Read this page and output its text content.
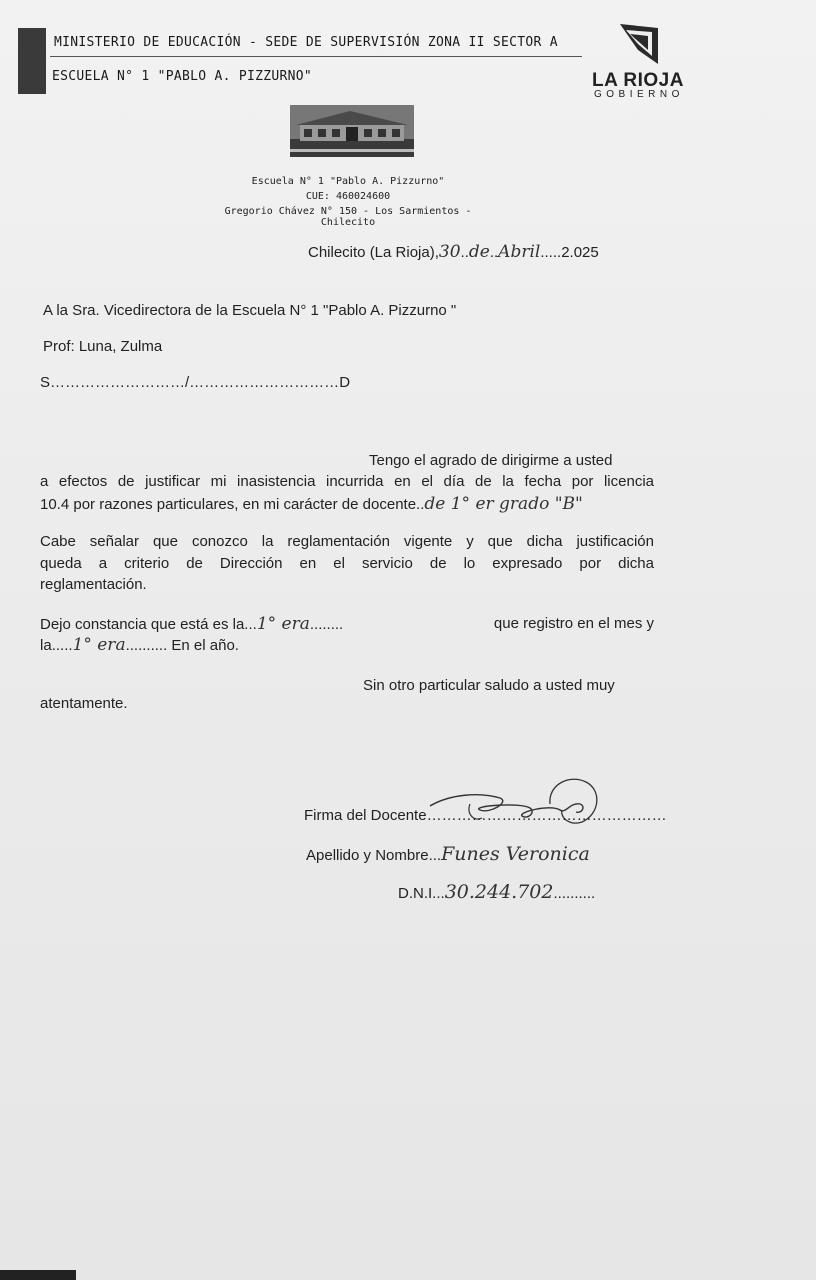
MINISTERIO DE EDUCACIÓN - SEDE DE SUPERVISIÓN ZONA II SECTOR A
ESCUELA N° 1 "PABLO A. PIZZURNO"	LA RIOJA
GOBIERNO
Escuela N° 1 "Pablo A. Pizzurno"
CUE: 460024600
Gregorio Chávez N° 150 - Los Sarmientos - Chilecito
Chilecito (La Rioja),30..de..Abril.....2.025
A la Sra. Vicedirectora de la Escuela N° 1 "Pablo A. Pizzurno "
Prof: Luna, Zulma
S………………………/…………………………D
Tengo el agrado de dirigirme a usted
a efectos de justificar mi inasistencia incurrida en el día de la fecha por licencia
10.4 por razones particulares, en mi carácter de docente..de 1° er grado "B"
Cabe señalar que conozco la reglamentación vigente y que dicha justificación
queda a criterio de Dirección en el servicio de lo expresado por dicha
reglamentación.
Dejo constancia que está es la...1° era........	que registro en el mes y
la.....1° era.......... En el año.
Sin otro particular saludo a usted muy
atentamente.
Firma del Docente…………………………………………
Apellido y Nombre...Funes Veronica
D.N.I...30.244.702..........
